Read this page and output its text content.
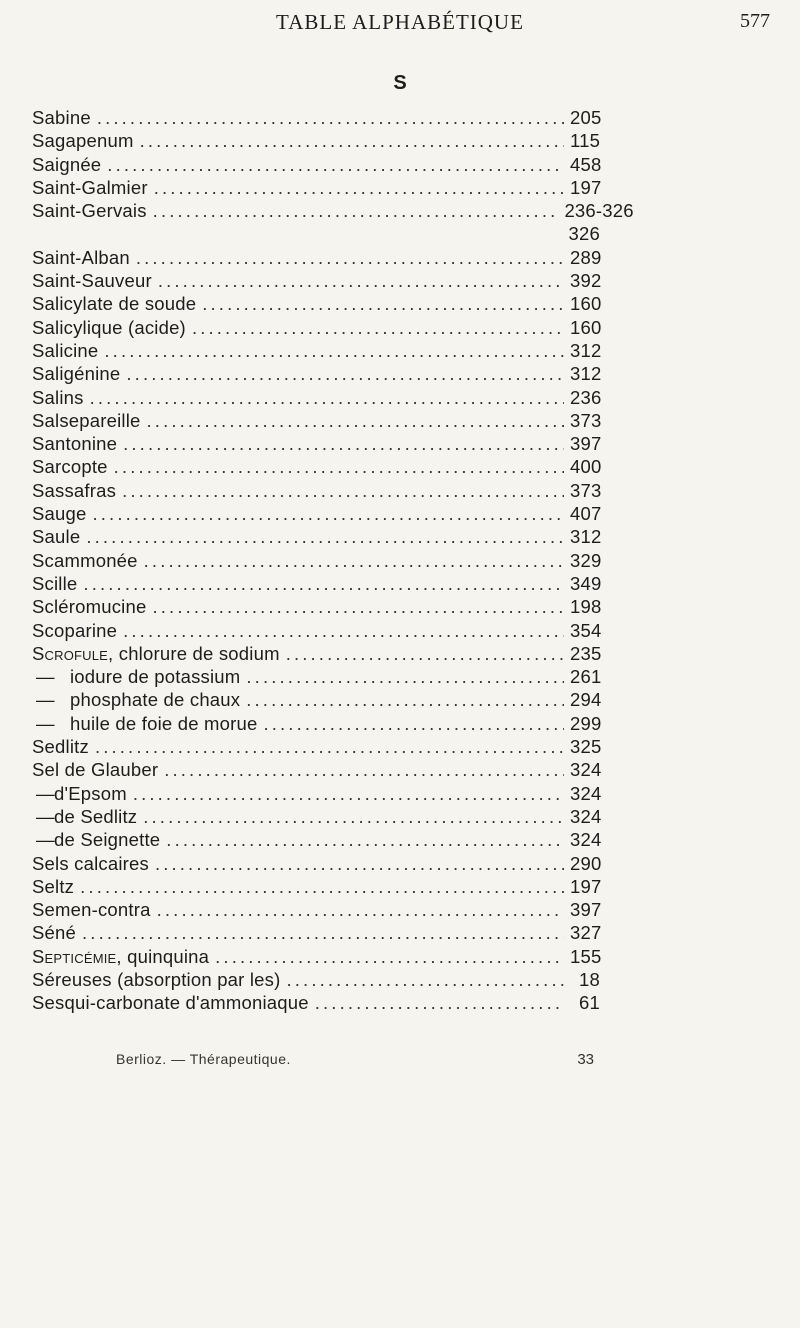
TABLE ALPHABÉTIQUE	577
S
Sabine . . .	205
Sagapenum . . .	115
Saignée . . .	458
Saint-Galmier . . .	197
Saint-Gervais . . .	236-326
326
Saint-Alban . . .	289
Saint-Sauveur . . .	392
Salicylate de soude . . .	160
Salicylique (acide) . . .	160
Salicine . . .	312
Saligénine . . .	312
Salins . . .	236
Salsepareille . . .	373
Santonine . . .	397
Sarcopte . . .	400
Sassafras . . .	373
Sauge . . .	407
Saule . . .	312
Scammonée . . .	329
Scille . . .	349
Scléromucine . . .	198
Scoparine . . .	354
Scrofule, chlorure de sodium . . .	235
— iodure de potassium . . .	261
— phosphate de chaux . . .	294
— huile de foie de morue . . .	299
Sedlitz . . .	325
Sel de Glauber . . .	324
—d'Epsom . . .	324
—de Sedlitz . . .	324
—de Seignette . . .	324
Sels calcaires . . .	290
Seltz . . .	197
Semen-contra . . .	397
Séné . . .	327
Septicémie, quinquina . . .	155
Séreuses (absorption par les) . . .	18
Sesqui-carbonate d'ammoniaque . . .	61
Berlioz. — Thérapeutique.	33
